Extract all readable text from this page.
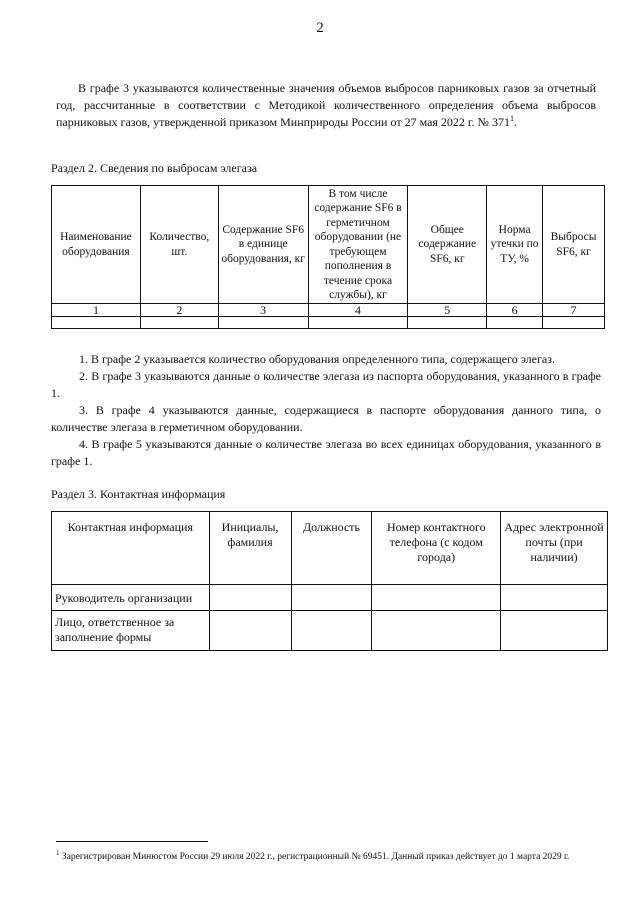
2
В графе 3 указываются количественные значения объемов выбросов парниковых газов за отчетный год, рассчитанные в соответствии с Методикой количественного определения объема выбросов парниковых газов, утвержденной приказом Минприроды России от 27 мая 2022 г. № $371^1$.
Раздел 2. Сведения по выбросам элегаза
Наименование оборудования	Количество, шт.	Содержание SF6 в единице оборудования, кг	В том числе содержание SF6 в герметичном оборудовании (не требующем пополнения в течение срока службы), кг	Общее содержание SF6, кг	Норма утечки по ТУ, %	Выбросы SF6, кг
1	2	3	4	5	6	7

1. В графе 2 указывается количество оборудования определенного типа, содержащего элегаз.

2. В графе 3 указываются данные о количестве элегаза из паспорта оборудования, указанного в графе 1.

3. В графе 4 указываются данные, содержащиеся в паспорте оборудования данного типа, о количестве элегаза в герметичном оборудовании.

4. В графе 5 указываются данные о количестве элегаза во всех единицах оборудования, указанного в графе 1.

Раздел 3. Контактная информация
Контактная информация	Инициалы, фамилия	Должность	Номер контактного телефона (с кодом города)	Адрес электронной почты (при наличии)
Руководитель организации				
Лицо, ответственное за заполнение формы				
$^1$ Зарегистрирован Минюстом России 29 июля 2022 г., регистрационный № 69451. Данный приказ действует до 1 марта 2029 г.
